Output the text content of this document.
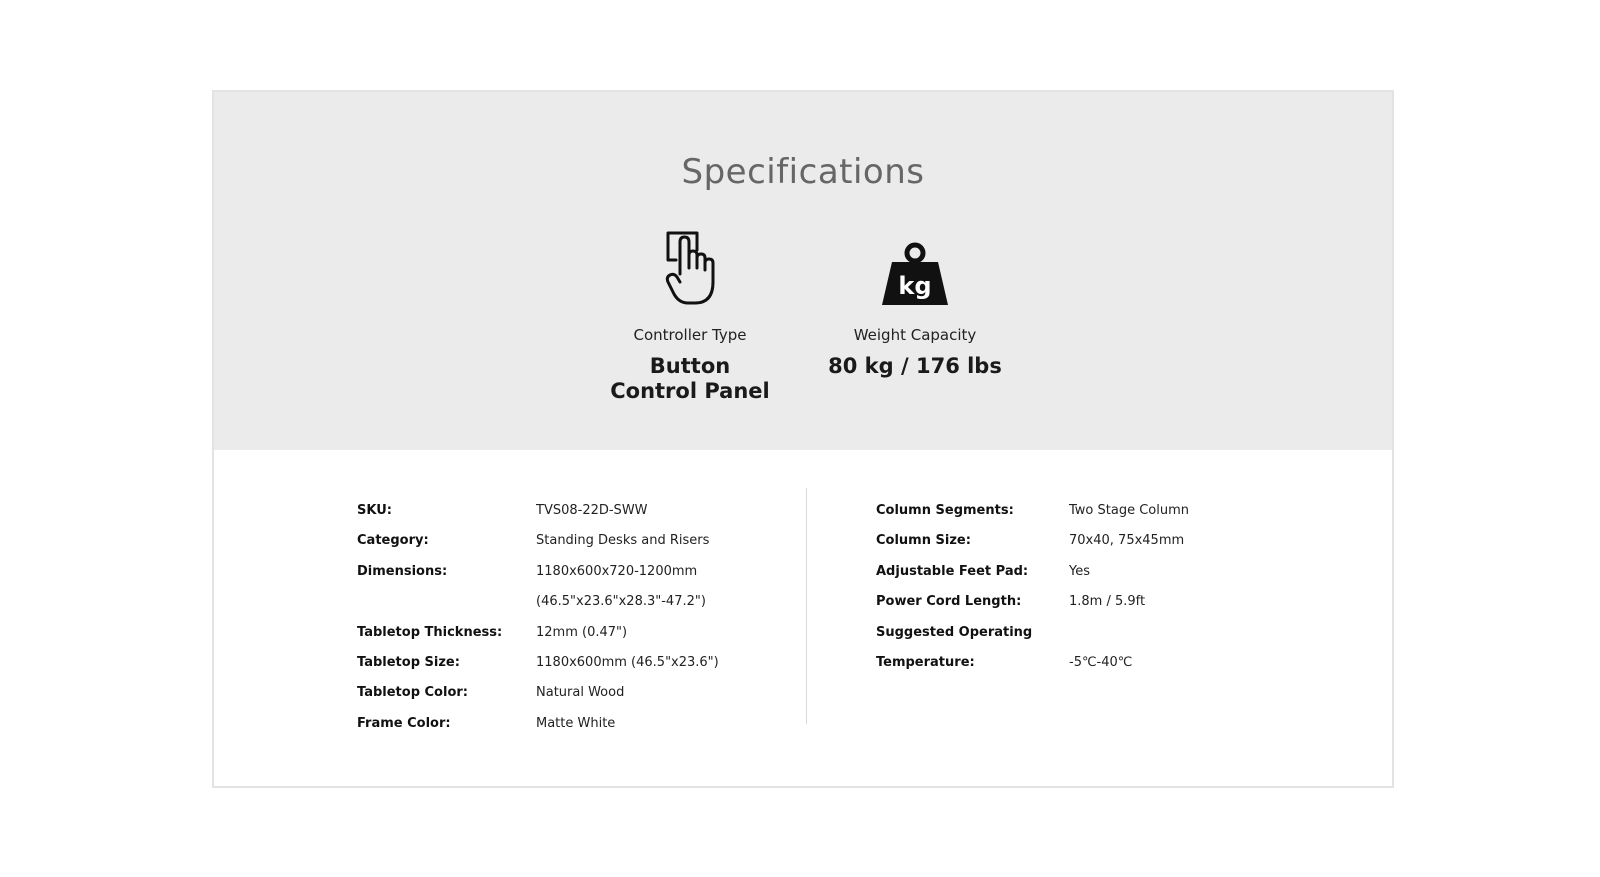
Specifications
Controller Type
Button
Control Panel
kg
Weight Capacity
80 kg / 176 lbs
SKU:	TVS08-22D-SWW
Category:	Standing Desks and Risers
Dimensions:	1180x600x720-1200mm
(46.5"x23.6"x28.3"-47.2")
Tabletop Thickness:	12mm (0.47")
Tabletop Size:	1180x600mm (46.5"x23.6")
Tabletop Color:	Natural Wood
Frame Color:	Matte White
Column Segments:	Two Stage Column
Column Size:	70x40, 75x45mm
Adjustable Feet Pad:	Yes
Power Cord Length:	1.8m / 5.9ft
Suggested Operating
Temperature:	-5℃-40℃
